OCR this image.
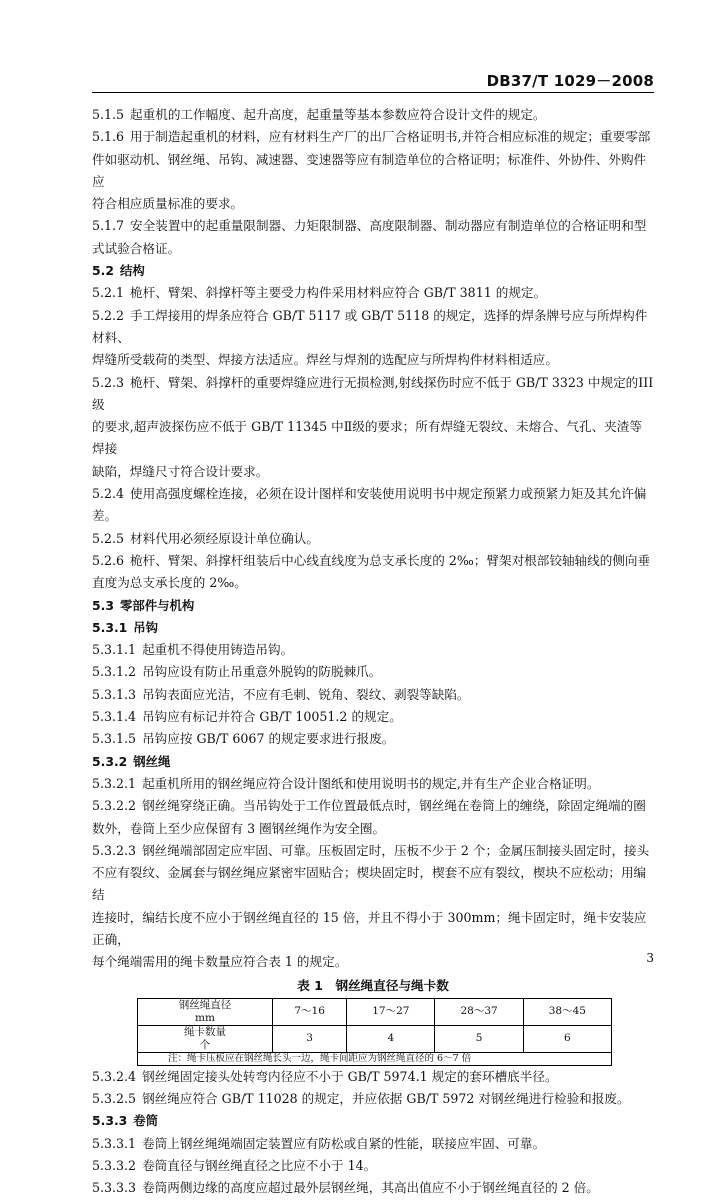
DB37/T 1029－2008
5.1.5 起重机的工作幅度、起升高度，起重量等基本参数应符合设计文件的规定。
5.1.6 用于制造起重机的材料，应有材料生产厂的出厂合格证明书,并符合相应标准的规定；重要零部
件如驱动机、钢丝绳、吊钩、减速器、变速器等应有制造单位的合格证明；标准件、外协件、外购件应
符合相应质量标准的要求。
5.1.7 安全装置中的起重量限制器、力矩限制器、高度限制器、制动器应有制造单位的合格证明和型
式试验合格证。
5.2 结构
5.2.1 桅杆、臂架、斜撑杆等主要受力构件采用材料应符合 GB/T 3811 的规定。
5.2.2 手工焊接用的焊条应符合 GB/T 5117 或 GB/T 5118 的规定，选择的焊条牌号应与所焊构件材料、
焊缝所受载荷的类型、焊接方法适应。焊丝与焊剂的选配应与所焊构件材料相适应。
5.2.3 桅杆、臂架、斜撑杆的重要焊缝应进行无损检测,射线探伤时应不低于 GB/T 3323 中规定的III级
的要求,超声波探伤应不低于 GB/T 11345 中Ⅱ级的要求；所有焊缝无裂纹、未熔合、气孔、夹渣等焊接
缺陷，焊缝尺寸符合设计要求。
5.2.4 使用高强度螺栓连接，必须在设计图样和安装使用说明书中规定预紧力或预紧力矩及其允许偏
差。
5.2.5 材料代用必须经原设计单位确认。
5.2.6 桅杆、臂架、斜撑杆组装后中心线直线度为总支承长度的 2‰；臂架对根部铰轴轴线的侧向垂
直度为总支承长度的 2‰。
5.3 零部件与机构
5.3.1 吊钩
5.3.1.1 起重机不得使用铸造吊钩。
5.3.1.2 吊钩应设有防止吊重意外脱钩的防脱棘爪。
5.3.1.3 吊钩表面应光洁，不应有毛刺、锐角、裂纹、剥裂等缺陷。
5.3.1.4 吊钩应有标记并符合 GB/T 10051.2 的规定。
5.3.1.5 吊钩应按 GB/T 6067 的规定要求进行报废。
5.3.2 钢丝绳
5.3.2.1 起重机所用的钢丝绳应符合设计图纸和使用说明书的规定,并有生产企业合格证明。
5.3.2.2 钢丝绳穿绕正确。当吊钩处于工作位置最低点时，钢丝绳在卷筒上的缠绕，除固定绳端的圈
数外，卷筒上至少应保留有 3 圈钢丝绳作为安全圈。
5.3.2.3 钢丝绳端部固定应牢固、可靠。压板固定时，压板不少于 2 个；金属压制接头固定时，接头
不应有裂纹、金属套与钢丝绳应紧密牢固贴合；楔块固定时，楔套不应有裂纹，楔块不应松动；用编结
连接时，编结长度不应小于钢丝绳直径的 15 倍，并且不得小于 300mm；绳卡固定时，绳卡安装应正确，
每个绳端需用的绳卡数量应符合表 1 的规定。
表 1　钢丝绳直径与绳卡数
钢丝绳直径
mm	7～16	17～27	28～37	38～45

绳卡数量
个	3	4	5	6
注：绳卡压板应在钢丝绳长头一边，绳卡间距应为钢丝绳直径的 6～7 倍				
5.3.2.4 钢丝绳固定接头处转弯内径应不小于 GB/T 5974.1 规定的套环槽底半径。
5.3.2.5 钢丝绳应符合 GB/T 11028 的规定，并应依据 GB/T 5972 对钢丝绳进行检验和报废。
5.3.3 卷筒
5.3.3.1 卷筒上钢丝绳绳端固定装置应有防松或自紧的性能，联接应牢固、可靠。
5.3.3.2 卷筒直径与钢丝绳直径之比应不小于 14。
5.3.3.3 卷筒两侧边缘的高度应超过最外层钢丝绳，其高出值应不小于钢丝绳直径的 2 倍。
3
